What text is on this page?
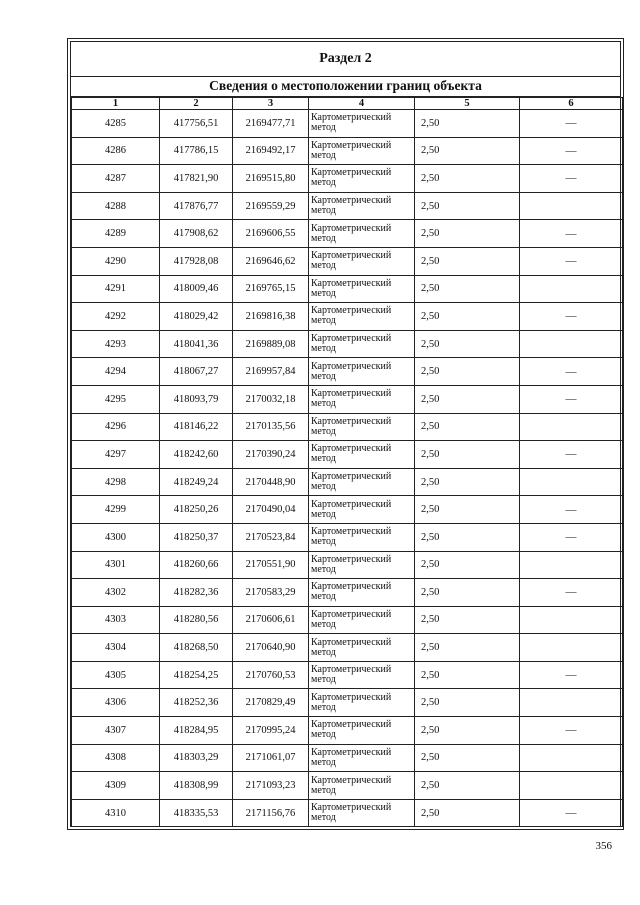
Раздел 2
Сведения о местоположении границ объекта
1	2	3	4	5	6
4285	417756,51	2169477,71	Картометрический метод	2,50	—
4286	417786,15	2169492,17	Картометрический метод	2,50	—
4287	417821,90	2169515,80	Картометрический метод	2,50	—
4288	417876,77	2169559,29	Картометрический метод	2,50	
4289	417908,62	2169606,55	Картометрический метод	2,50	—
4290	417928,08	2169646,62	Картометрический метод	2,50	—
4291	418009,46	2169765,15	Картометрический метод	2,50	
4292	418029,42	2169816,38	Картометрический метод	2,50	—
4293	418041,36	2169889,08	Картометрический метод	2,50	
4294	418067,27	2169957,84	Картометрический метод	2,50	—
4295	418093,79	2170032,18	Картометрический метод	2,50	—
4296	418146,22	2170135,56	Картометрический метод	2,50	
4297	418242,60	2170390,24	Картометрический метод	2,50	—
4298	418249,24	2170448,90	Картометрический метод	2,50	
4299	418250,26	2170490,04	Картометрический метод	2,50	—
4300	418250,37	2170523,84	Картометрический метод	2,50	—
4301	418260,66	2170551,90	Картометрический метод	2,50	
4302	418282,36	2170583,29	Картометрический метод	2,50	—
4303	418280,56	2170606,61	Картометрический метод	2,50	
4304	418268,50	2170640,90	Картометрический метод	2,50	
4305	418254,25	2170760,53	Картометрический метод	2,50	—
4306	418252,36	2170829,49	Картометрический метод	2,50	
4307	418284,95	2170995,24	Картометрический метод	2,50	—
4308	418303,29	2171061,07	Картометрический метод	2,50	
4309	418308,99	2171093,23	Картометрический метод	2,50	
4310	418335,53	2171156,76	Картометрический метод	2,50	—
356
